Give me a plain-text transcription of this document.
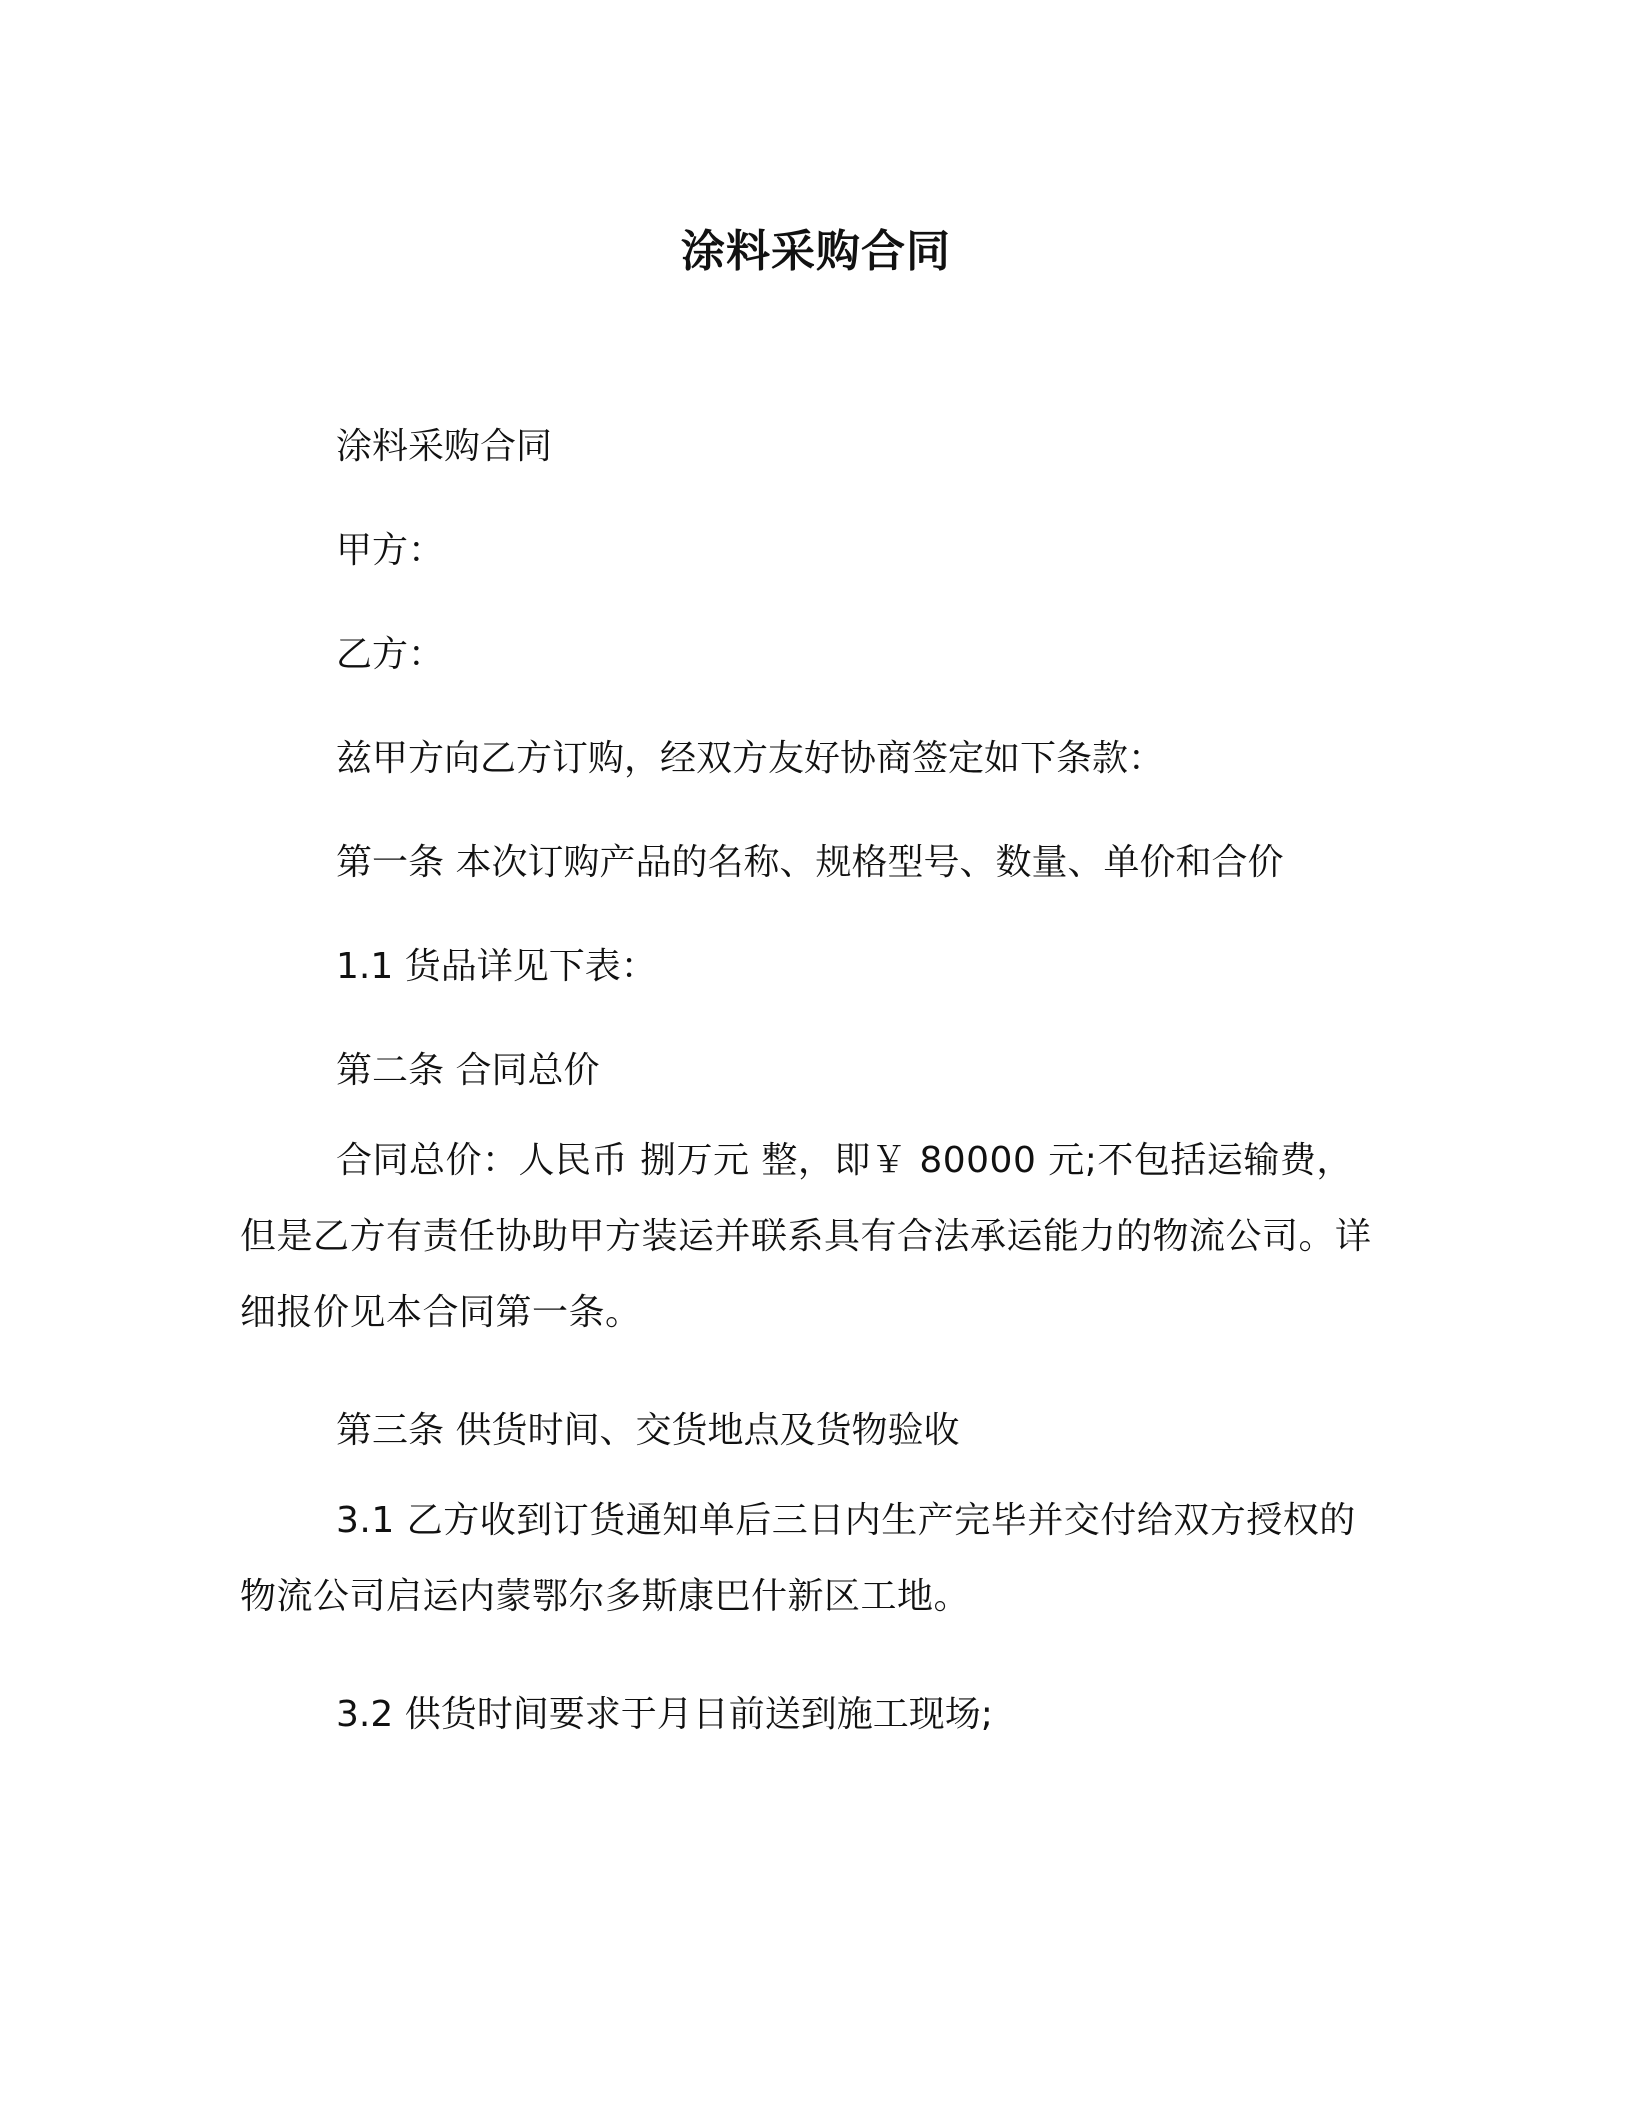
涂料采购合同

涂料采购合同

甲方：

乙方：

兹甲方向乙方订购，经双方友好协商签定如下条款：

第一条 本次订购产品的名称、规格型号、数量、单价和合价

1.1 货品详见下表：

第二条 合同总价

合同总价：人民币 捌万元 整，即￥ 80000 元;不包括运输费，但是乙方有责任协助甲方装运并联系具有合法承运能力的物流公司。详细报价见本合同第一条。

第三条 供货时间、交货地点及货物验收

3.1 乙方收到订货通知单后三日内生产完毕并交付给双方授权的物流公司启运内蒙鄂尔多斯康巴什新区工地。

3.2 供货时间要求于月日前送到施工现场;
